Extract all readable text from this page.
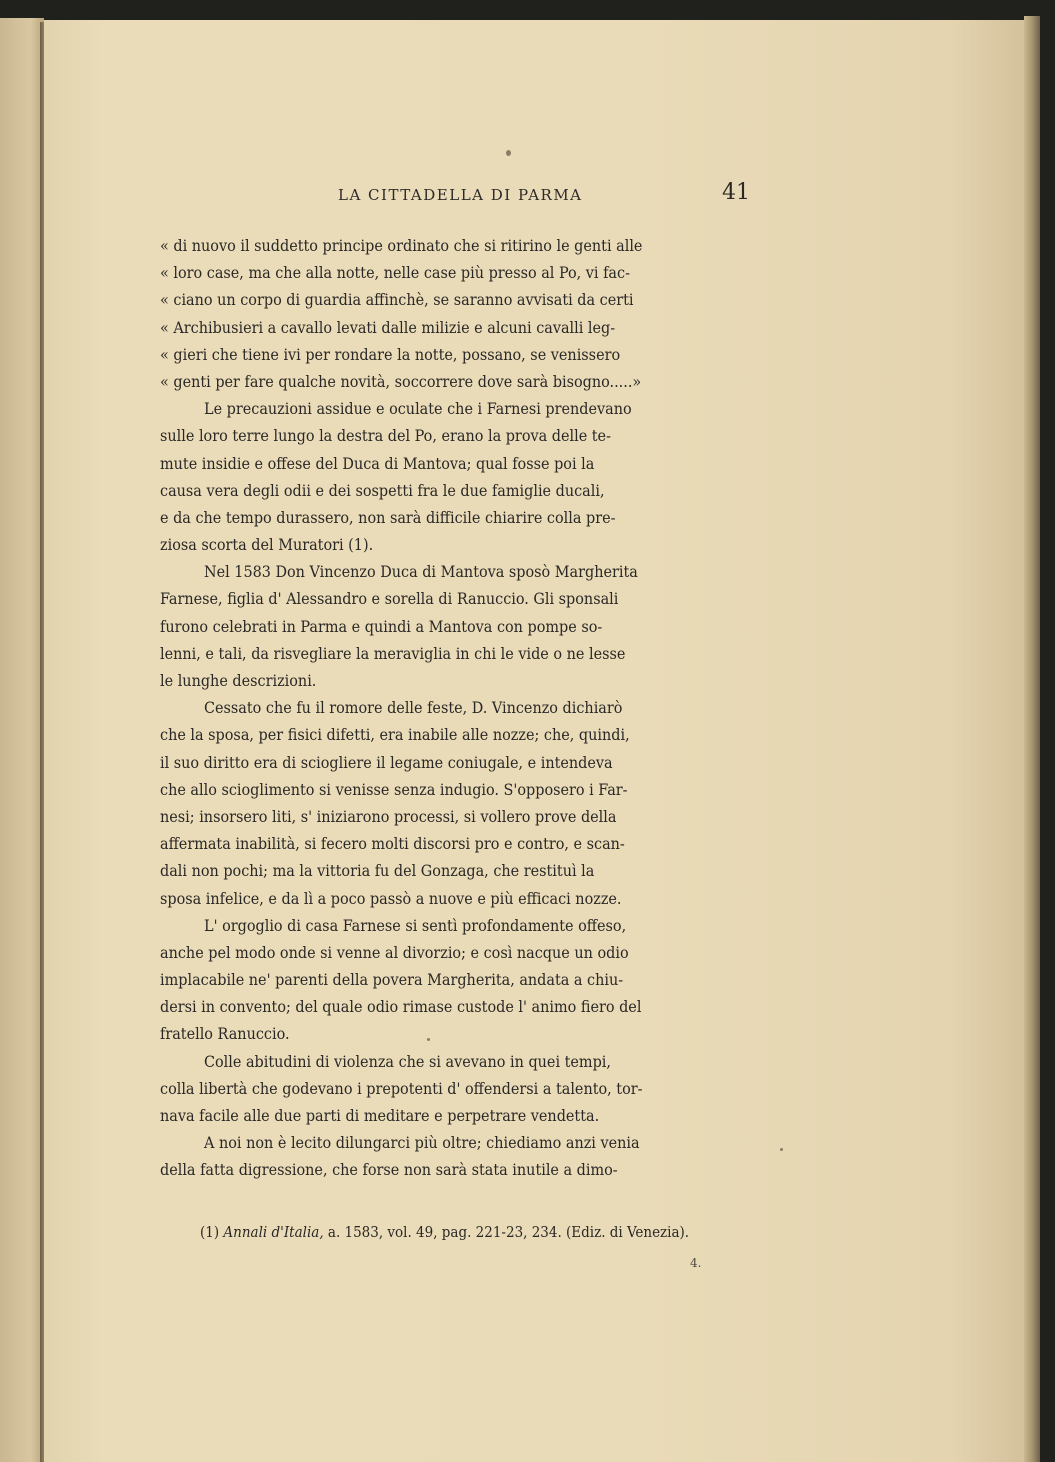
LA CITTADELLA DI PARMA	41
« di nuovo il suddetto principe ordinato che si ritirino le genti alle
« loro case, ma che alla notte, nelle case più presso al Po, vi fac-
« ciano un corpo di guardia affinchè, se saranno avvisati da certi
« Archibusieri a cavallo levati dalle milizie e alcuni cavalli leg-
« gieri che tiene ivi per rondare la notte, possano, se venissero
« genti per fare qualche novità, soccorrere dove sarà bisogno.....»
Le precauzioni assidue e oculate che i Farnesi prendevano
sulle loro terre lungo la destra del Po, erano la prova delle te-
mute insidie e offese del Duca di Mantova; qual fosse poi la
causa vera degli odii e dei sospetti fra le due famiglie ducali,
e da che tempo durassero, non sarà difficile chiarire colla pre-
ziosa scorta del Muratori (1).
Nel 1583 Don Vincenzo Duca di Mantova sposò Margherita
Farnese, figlia d' Alessandro e sorella di Ranuccio. Gli sponsali
furono celebrati in Parma e quindi a Mantova con pompe so-
lenni, e tali, da risvegliare la meraviglia in chi le vide o ne lesse
le lunghe descrizioni.
Cessato che fu il romore delle feste, D. Vincenzo dichiarò
che la sposa, per fisici difetti, era inabile alle nozze; che, quindi,
il suo diritto era di sciogliere il legame coniugale, e intendeva
che allo scioglimento si venisse senza indugio. S'opposero i Far-
nesi; insorsero liti, s' iniziarono processi, si vollero prove della
affermata inabilità, si fecero molti discorsi pro e contro, e scan-
dali non pochi; ma la vittoria fu del Gonzaga, che restituì la
sposa infelice, e da lì a poco passò a nuove e più efficaci nozze.
L' orgoglio di casa Farnese si sentì profondamente offeso,
anche pel modo onde si venne al divorzio; e così nacque un odio
implacabile ne' parenti della povera Margherita, andata a chiu-
dersi in convento; del quale odio rimase custode l' animo fiero del
fratello Ranuccio.
Colle abitudini di violenza che si avevano in quei tempi,
colla libertà che godevano i prepotenti d' offendersi a talento, tor-
nava facile alle due parti di meditare e perpetrare vendetta.
A noi non è lecito dilungarci più oltre; chiediamo anzi venia
della fatta digressione, che forse non sarà stata inutile a dimo-
(1) Annali d'Italia, a. 1583, vol. 49, pag. 221-23, 234. (Ediz. di Venezia).
4.
